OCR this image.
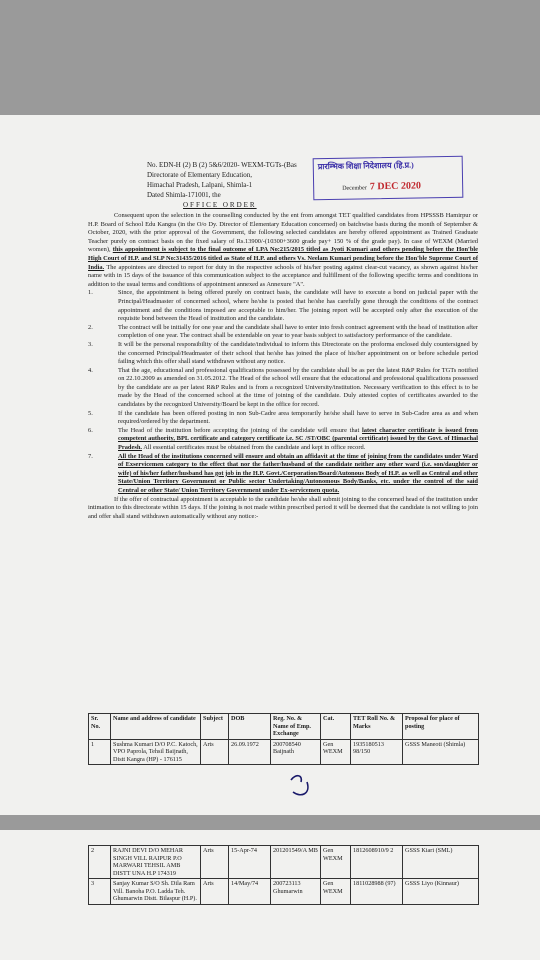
No. EDN-H (2) B (2) 5&6/2020- WEXM-TGTs-(Bas
Directorate of Elementary Education,
Himachal Pradesh, Lalpani, Shimla-1
Dated Shimla-171001, the
OFFICE ORDER
प्रारम्भिक शिक्षा निदेशालय (हि.प्र.)
December 7 DEC 2020

Consequent upon the selection in the counselling conducted by the ent from amongst TET qualified candidates from HPSSSB Hamirpur or H.P. Board of School Edu Kangra (in the O/o Dy. Director of Elementary Education concerned) on batchwise basis during the month of September & October, 2020, with the prior approval of the Government, the following selected candidates are hereby offered appointment as Trained Graduate Teacher purely on contract basis on the fixed salary of Rs.13900/-(10300+3600 grade pay+ 150 % of the grade pay). In case of WEXM (Married women), this appointment is subject to the final outcome of LPA No:215/2015 titled as Jyoti Kumari and others pending before the Hon'ble High Court of H.P. and SLP No:31435/2016 titled as State of H.P. and others Vs. Neelam Kumari pending before the Hon'ble Supreme Court of India. The appointees are directed to report for duty in the respective schools of his/her posting against clear-cut vacancy, as shown against his/her name with in 15 days of the issuance of this communication subject to the acceptance and fulfillment of the following specific terms and conditions in addition to the usual terms and conditions of appointment annexed as Annexure "A".

1.	Since, the appointment is being offered purely on contract basis, the candidate will have to execute a bond on judicial paper with the Principal/Headmaster of concerned school, where he/she is posted that he/she has carefully gone through the conditions of the contract appointment and the conditions imposed are acceptable to him/her. The joining report will be accepted only after the execution of the requisite bond between the Head of institution and the candidate.
2.	The contract will be initially for one year and the candidate shall have to enter into fresh contract agreement with the head of institution after completion of one year. The contract shall be extendable on year to year basis subject to satisfactory performance of the candidate.
3.	It will be the personal responsibility of the candidate/individual to inform this Directorate on the proforma enclosed duly countersigned by the concerned Principal/Headmaster of their school that he/she has joined the place of his/her appointment on or before schedule period failing which this offer shall stand withdrawn without any notice.
4.	That the age, educational and professional qualifications possessed by the candidate shall be as per the latest R&P Rules for TGTs notified on 22.10.2009 as amended on 31.05.2012. The Head of the school will ensure that the educational and professional qualifications possessed by the candidate are as per latest R&P Rules and is from a recognized University/institution. Necessary verification to this effect is to be made by the Head of the concerned school at the time of joining of the candidate. Duly attested copies of certificates awarded to the candidates by the recognized University/Board be kept in the office for record.
5.	If the candidate has been offered posting in non Sub-Cadre area temporarily he/she shall have to serve in Sub-Cadre area as and when required/ordered by the department.
6.	The Head of the institution before accepting the joining of the candidate will ensure that latest character certificate is issued from competent authority, BPL certificate and category certificate i.e. SC /ST/OBC (parental certificate) issued by the Govt. of Himachal Pradesh. All essential certificates must be obtained from the candidate and kept in office record.
7.	All the Head of the institutions concerned will ensure and obtain an affidavit at the time of joining from the candidates under Ward of Exservicemen category to the effect that nor the father/husband of the candidate neither any other ward (i.e. son/daughter or wife) of his/her father/husband has got job in the H.P. Govt./Corporation/Board/Autonous Body of H.P. as well as Central and other State/Union Territory Government or Public sector Undertaking/Autonomous Body/Banks, etc. under the control of the said Central or other State/ Union Territory Government under Ex-servicemen quota.

If the offer of contractual appointment is acceptable to the candidate he/she shall submit joining to the concerned head of the institution under intimation to this directorate within 15 days. If the joining is not made within prescribed period it will be deemed that the candidate is not willing to join and offer shall stand withdrawn automatically without any notice:-

Sr. No.	Name and address of candidate	Subject	DOB	Reg. No. & Name of Emp. Exchange	Cat.	TET Roll No. & Marks	Proposal for place of posting
1	Sushma Kumari D/O P.C. Katoch, VPO Paprola, Tehsil Baijnath, Distt Kangra (HP) - 176115	Arts	26.09.1972	200708540 Baijnath	Gen WEXM	1935180513 98/150	GSSS Maneoti (Shimla)
2	RAJNI DEVI D/O MEHAR SINGH VILL RAIPUR P.O MARWARI TEHSIL AMB DISTT UNA H.P 174319	Arts	15-Apr-74	201201549/A MB	Gen WEXM	1812608910/9 2	GSSS Kiari (SML)
3	Sanjay Kumar S/O Sh. Dila Ram Vill. Banoha P.O. Ladda Teh. Ghumarwin Distt. Bilaspur (H.P).	Arts	14/May/74	200723113 Ghumarwin	Gen WEXM	1811028988 (97)	GSSS Liyo (Kinnaur)
